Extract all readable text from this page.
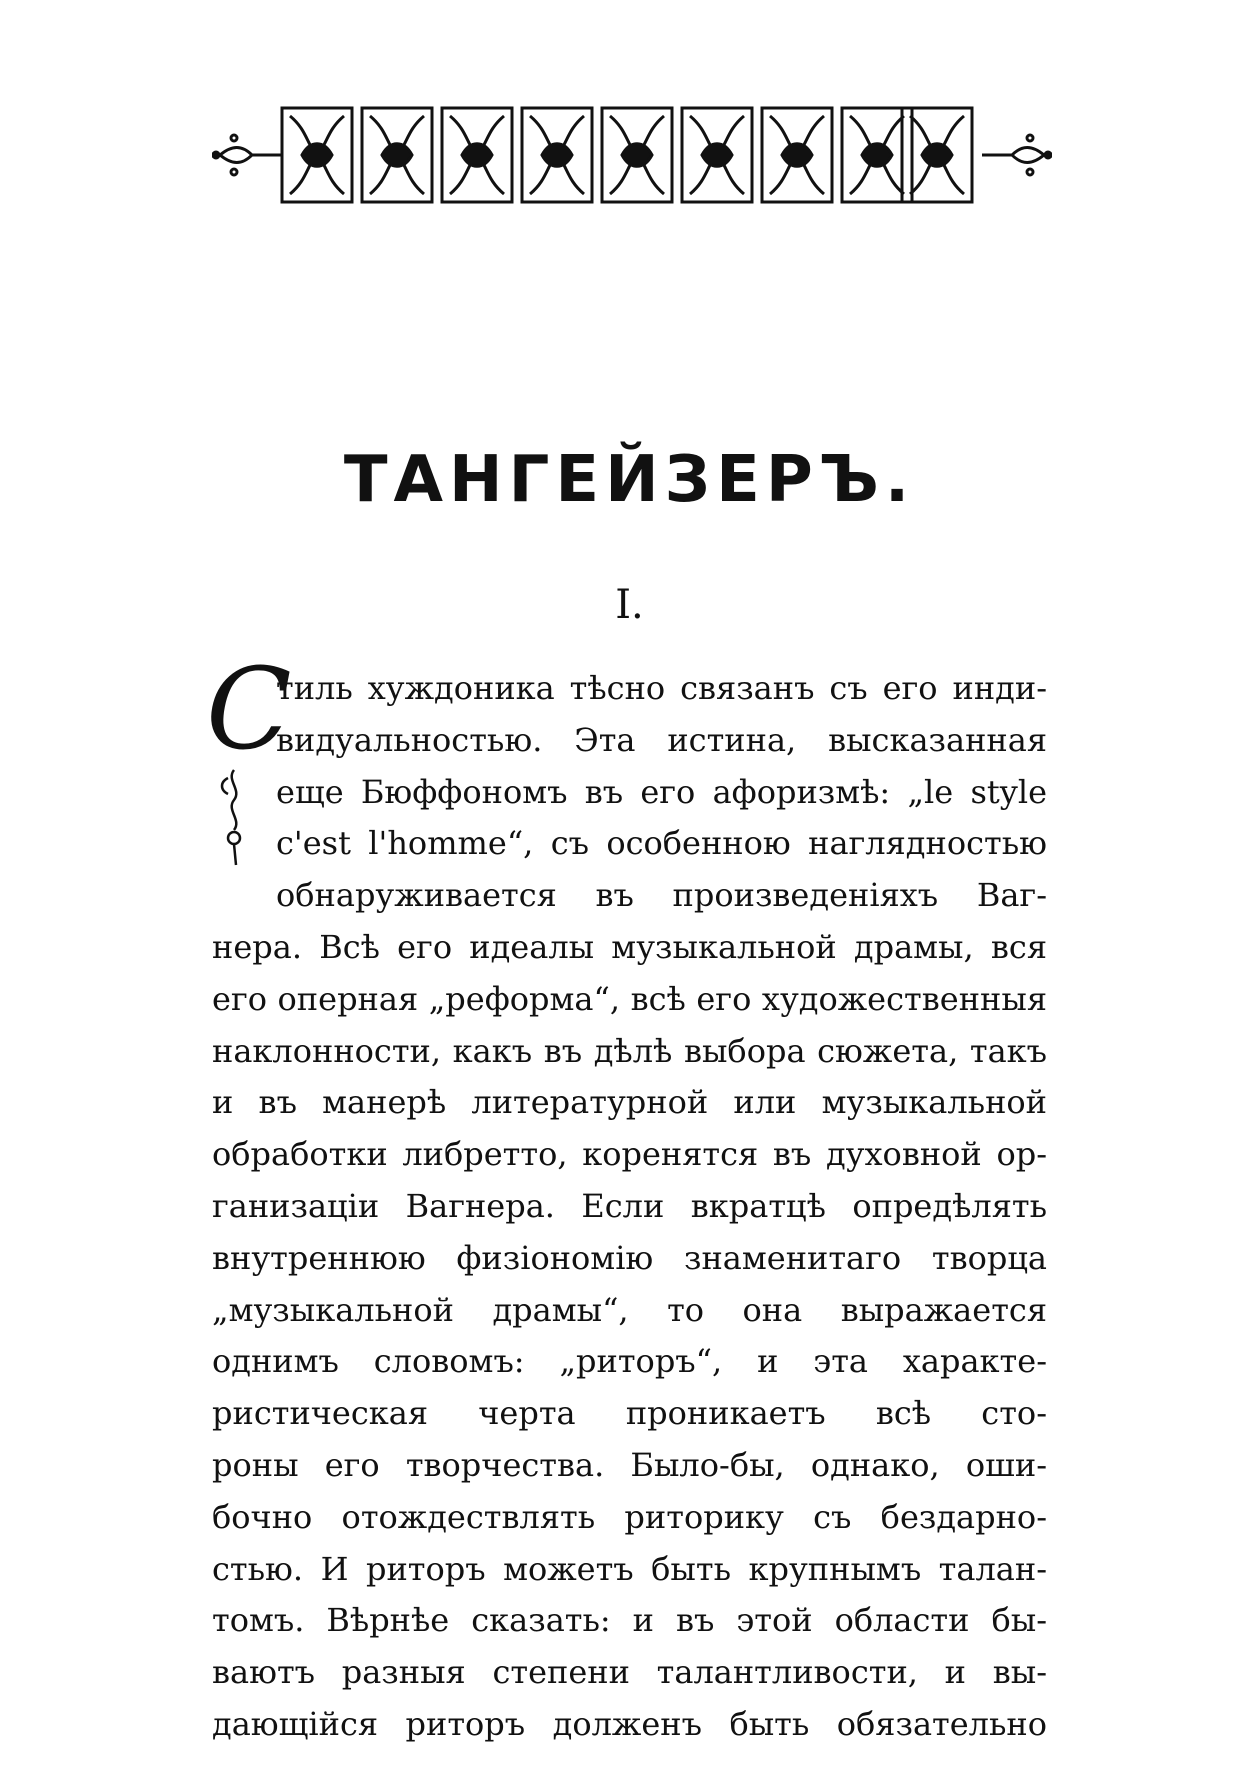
ТАНГЕЙЗЕРЪ.
I.
С
тиль хуждоника тѣсно связанъ съ его инди-
видуальностью. Эта истина, высказанная
еще Бюффономъ въ его афоризмѣ: „le style
c'est l'homme“, съ особенною наглядностью
обнаруживается въ произведеніяхъ Ваг-
нера. Всѣ его идеалы музыкальной драмы, вся
его оперная „реформа“, всѣ его художественныя
наклонности, какъ въ дѣлѣ выбора сюжета, такъ
и въ манерѣ литературной или музыкальной
обработки либретто, коренятся въ духовной ор-
ганизаціи Вагнера. Если вкратцѣ опредѣлять
внутреннюю физіономію знаменитаго творца
„музыкальной драмы“, то она выражается
однимъ словомъ: „риторъ“, и эта характе-
ристическая черта проникаетъ всѣ сто-
роны его творчества. Было-бы, однако, оши-
бочно отождествлять риторику съ бездарно-
стью. И риторъ можетъ быть крупнымъ талан-
томъ. Вѣрнѣе сказать: и въ этой области бы-
ваютъ разныя степени талантливости, и вы-
дающійся риторъ долженъ быть обязательно
